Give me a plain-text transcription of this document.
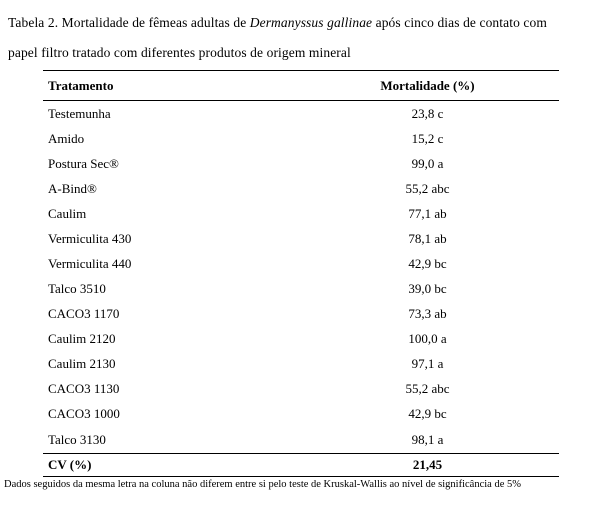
Tabela 2. Mortalidade de fêmeas adultas de Dermanyssus gallinae após cinco dias de contato com
papel filtro tratado com diferentes produtos de origem mineral
Tratamento	Mortalidade (%)
Testemunha	23,8 c
Amido	15,2 c
Postura Sec®	99,0 a
A-Bind®	55,2 abc
Caulim	77,1 ab
Vermiculita 430	78,1 ab
Vermiculita 440	42,9 bc
Talco 3510	39,0 bc
CACO3 1170	73,3 ab
Caulim 2120	100,0 a
Caulim 2130	97,1 a
CACO3 1130	55,2 abc
CACO3 1000	42,9 bc
Talco 3130	98,1 a
CV (%)	21,45
Dados seguidos da mesma letra na coluna não diferem entre si pelo teste de Kruskal-Wallis ao nível de significância de 5%
